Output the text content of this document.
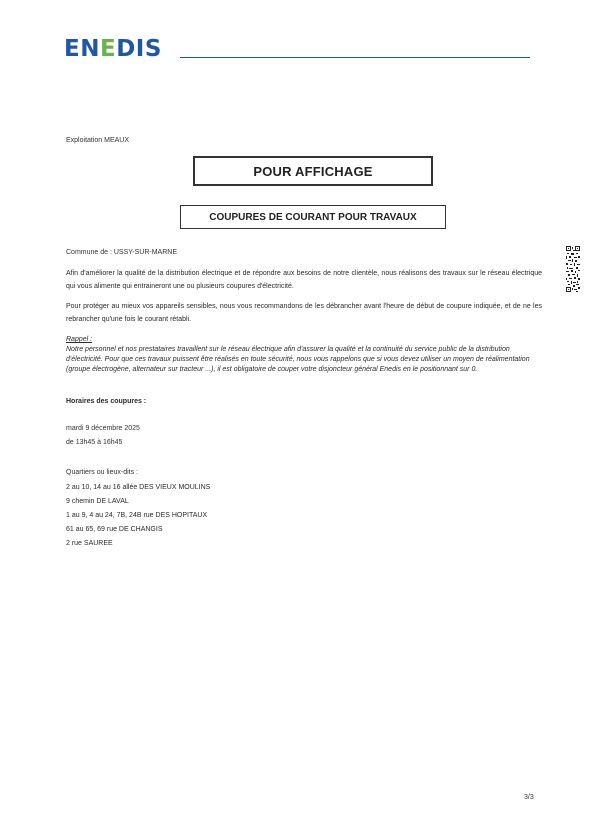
ENEDIS
Exploitation MEAUX
POUR AFFICHAGE
COUPURES DE COURANT POUR TRAVAUX
Commune de : USSY-SUR-MARNE

Afin d'améliorer la qualité de la distribution électrique et de répondre aux besoins de notre clientèle, nous réalisons des travaux sur le réseau électrique qui vous alimente qui entraineront une ou plusieurs coupures d'électricité.

Pour protéger au mieux vos appareils sensibles, nous vous recommandons de les débrancher avant l'heure de début de coupure indiquée, et de ne les rebrancher qu'une fois le courant rétabli.

Rappel :

Notre personnel et nos prestataires travaillent sur le réseau électrique afin d'assurer la qualité et la continuité du service public de la distribution d'électricité. Pour que ces travaux puissent être réalisés en toute sécurité, nous vous rappelons que si vous devez utiliser un moyen de réalimentation (groupe électrogène, alternateur sur tracteur ...), il est obligatoire de couper votre disjoncteur général Enedis en le positionnant sur 0.

Horaires des coupures :
mardi 9 décembre 2025
de 13h45 à 16h45
Quartiers ou lieux-dits :
2 au 10, 14 au 16 allée DES VIEUX MOULINS
9 chemin DE LAVAL
1 au 9, 4 au 24, 7B, 24B rue DES HOPITAUX
61 au 65, 69 rue DE CHANGIS
2 rue SAUREE
3/3
